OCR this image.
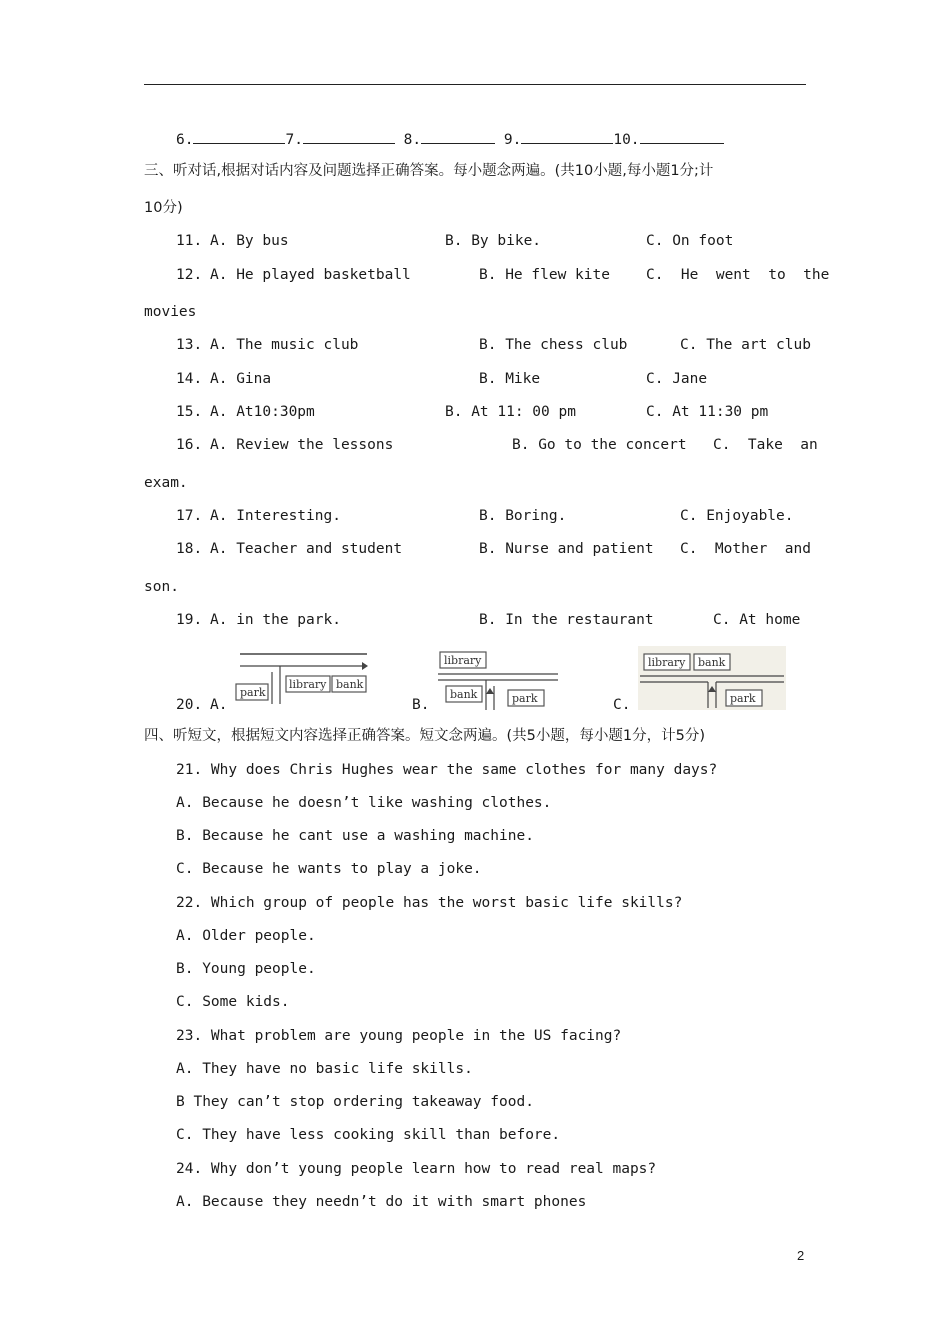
6.	7.	8.	9.	10.
三、听对话,根据对话内容及问题选择正确答案。每小题念两遍。(共10小题,每小题1分;计
10分)
11. A. By bus	B. By bike.	C. On foot
12. A. He played basketball	B. He flew kite C.  He  went  to  the
movies
13. A. The music club	B. The chess club	C. The art club
14. A. Gina	B. Mike	C. Jane
15. A. At10:30pm	B. At 11: 00 pm	C. At 11:30 pm
16. A. Review the lessons	B. Go to the concert C.  Take  an
exam.
17. A. Interesting.	B. Boring.	C. Enjoyable.
18. A. Teacher and student	B. Nurse and patient C.  Mother  and
son.
19. A. in the park.	B. In the restaurant	C. At home
20. A.	B.	C.
park
library bank
library
bank	park
library bank
park
四、听短文，根据短文内容选择正确答案。短文念两遍。(共5小题，每小题1分，计5分)
21. Why does Chris Hughes wear the same clothes for many days?
A. Because he doesn’t like washing clothes.
B. Because he cant use a washing machine.
C. Because he wants to play a joke.
22. Which group of people has the worst basic life skills?
A. Older people.
B. Young people.
C. Some kids.
23. What problem are young people in the US facing?
A. They have no basic life skills.
B They can’t stop ordering takeaway food.
C. They have less cooking skill than before.
24. Why don’t young people learn how to read real maps?
A. Because they needn’t do it with smart phones
2
